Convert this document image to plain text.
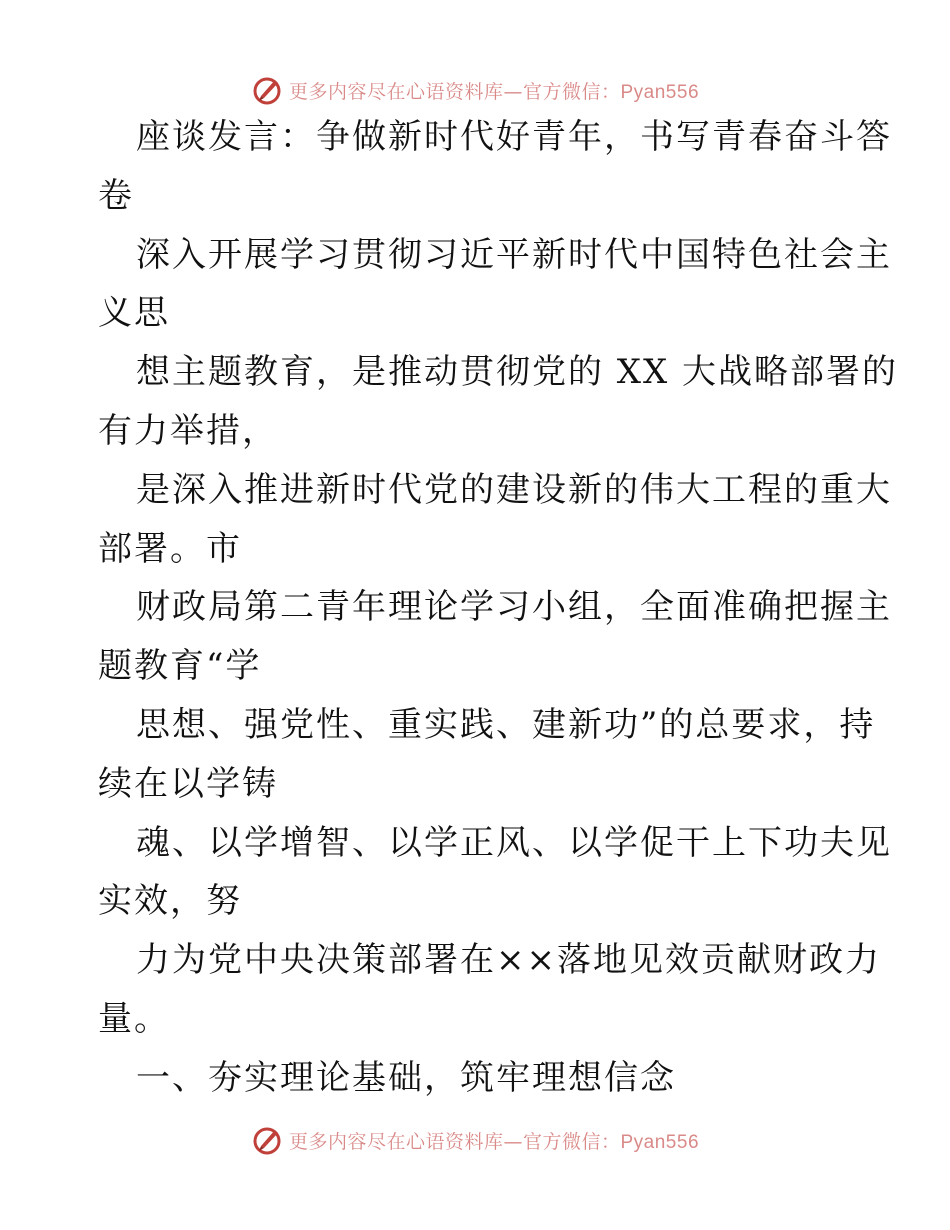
更多内容尽在心语资料库—官方微信：Pyan556
座谈发言：争做新时代好青年，书写青春奋斗答
卷
深入开展学习贯彻习近平新时代中国特色社会主
义思
想主题教育，是推动贯彻党的 XX 大战略部署的
有力举措，
是深入推进新时代党的建设新的伟大工程的重大
部署。市
财政局第二青年理论学习小组，全面准确把握主
题教育“学
思想、强党性、重实践、建新功”的总要求，持
续在以学铸
魂、以学增智、以学正风、以学促干上下功夫见
实效，努
力为党中央决策部署在××落地见效贡献财政力
量。
一、夯实理论基础，筑牢理想信念
更多内容尽在心语资料库—官方微信：Pyan556
